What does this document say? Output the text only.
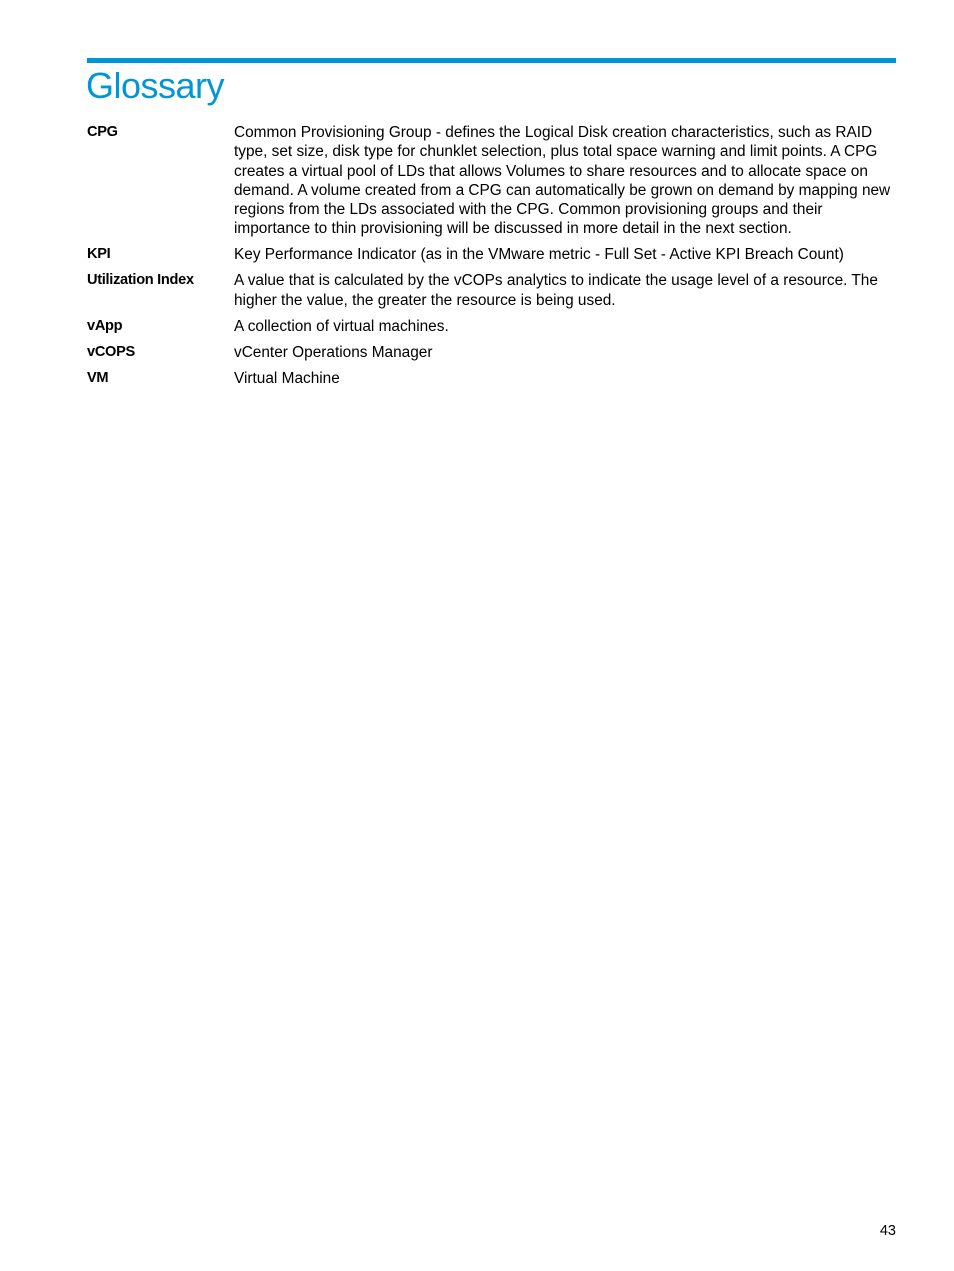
Glossary
CPG	Common Provisioning Group - defines the Logical Disk creation characteristics, such as RAID type, set size, disk type for chunklet selection, plus total space warning and limit points. A CPG creates a virtual pool of LDs that allows Volumes to share resources and to allocate space on demand. A volume created from a CPG can automatically be grown on demand by mapping new regions from the LDs associated with the CPG. Common provisioning groups and their importance to thin provisioning will be discussed in more detail in the next section.
KPI	Key Performance Indicator (as in the VMware metric - Full Set - Active KPI Breach Count)
Utilization Index	A value that is calculated by the vCOPs analytics to indicate the usage level of a resource. The higher the value, the greater the resource is being used.
vApp	A collection of virtual machines.
vCOPS	vCenter Operations Manager
VM	Virtual Machine
43
